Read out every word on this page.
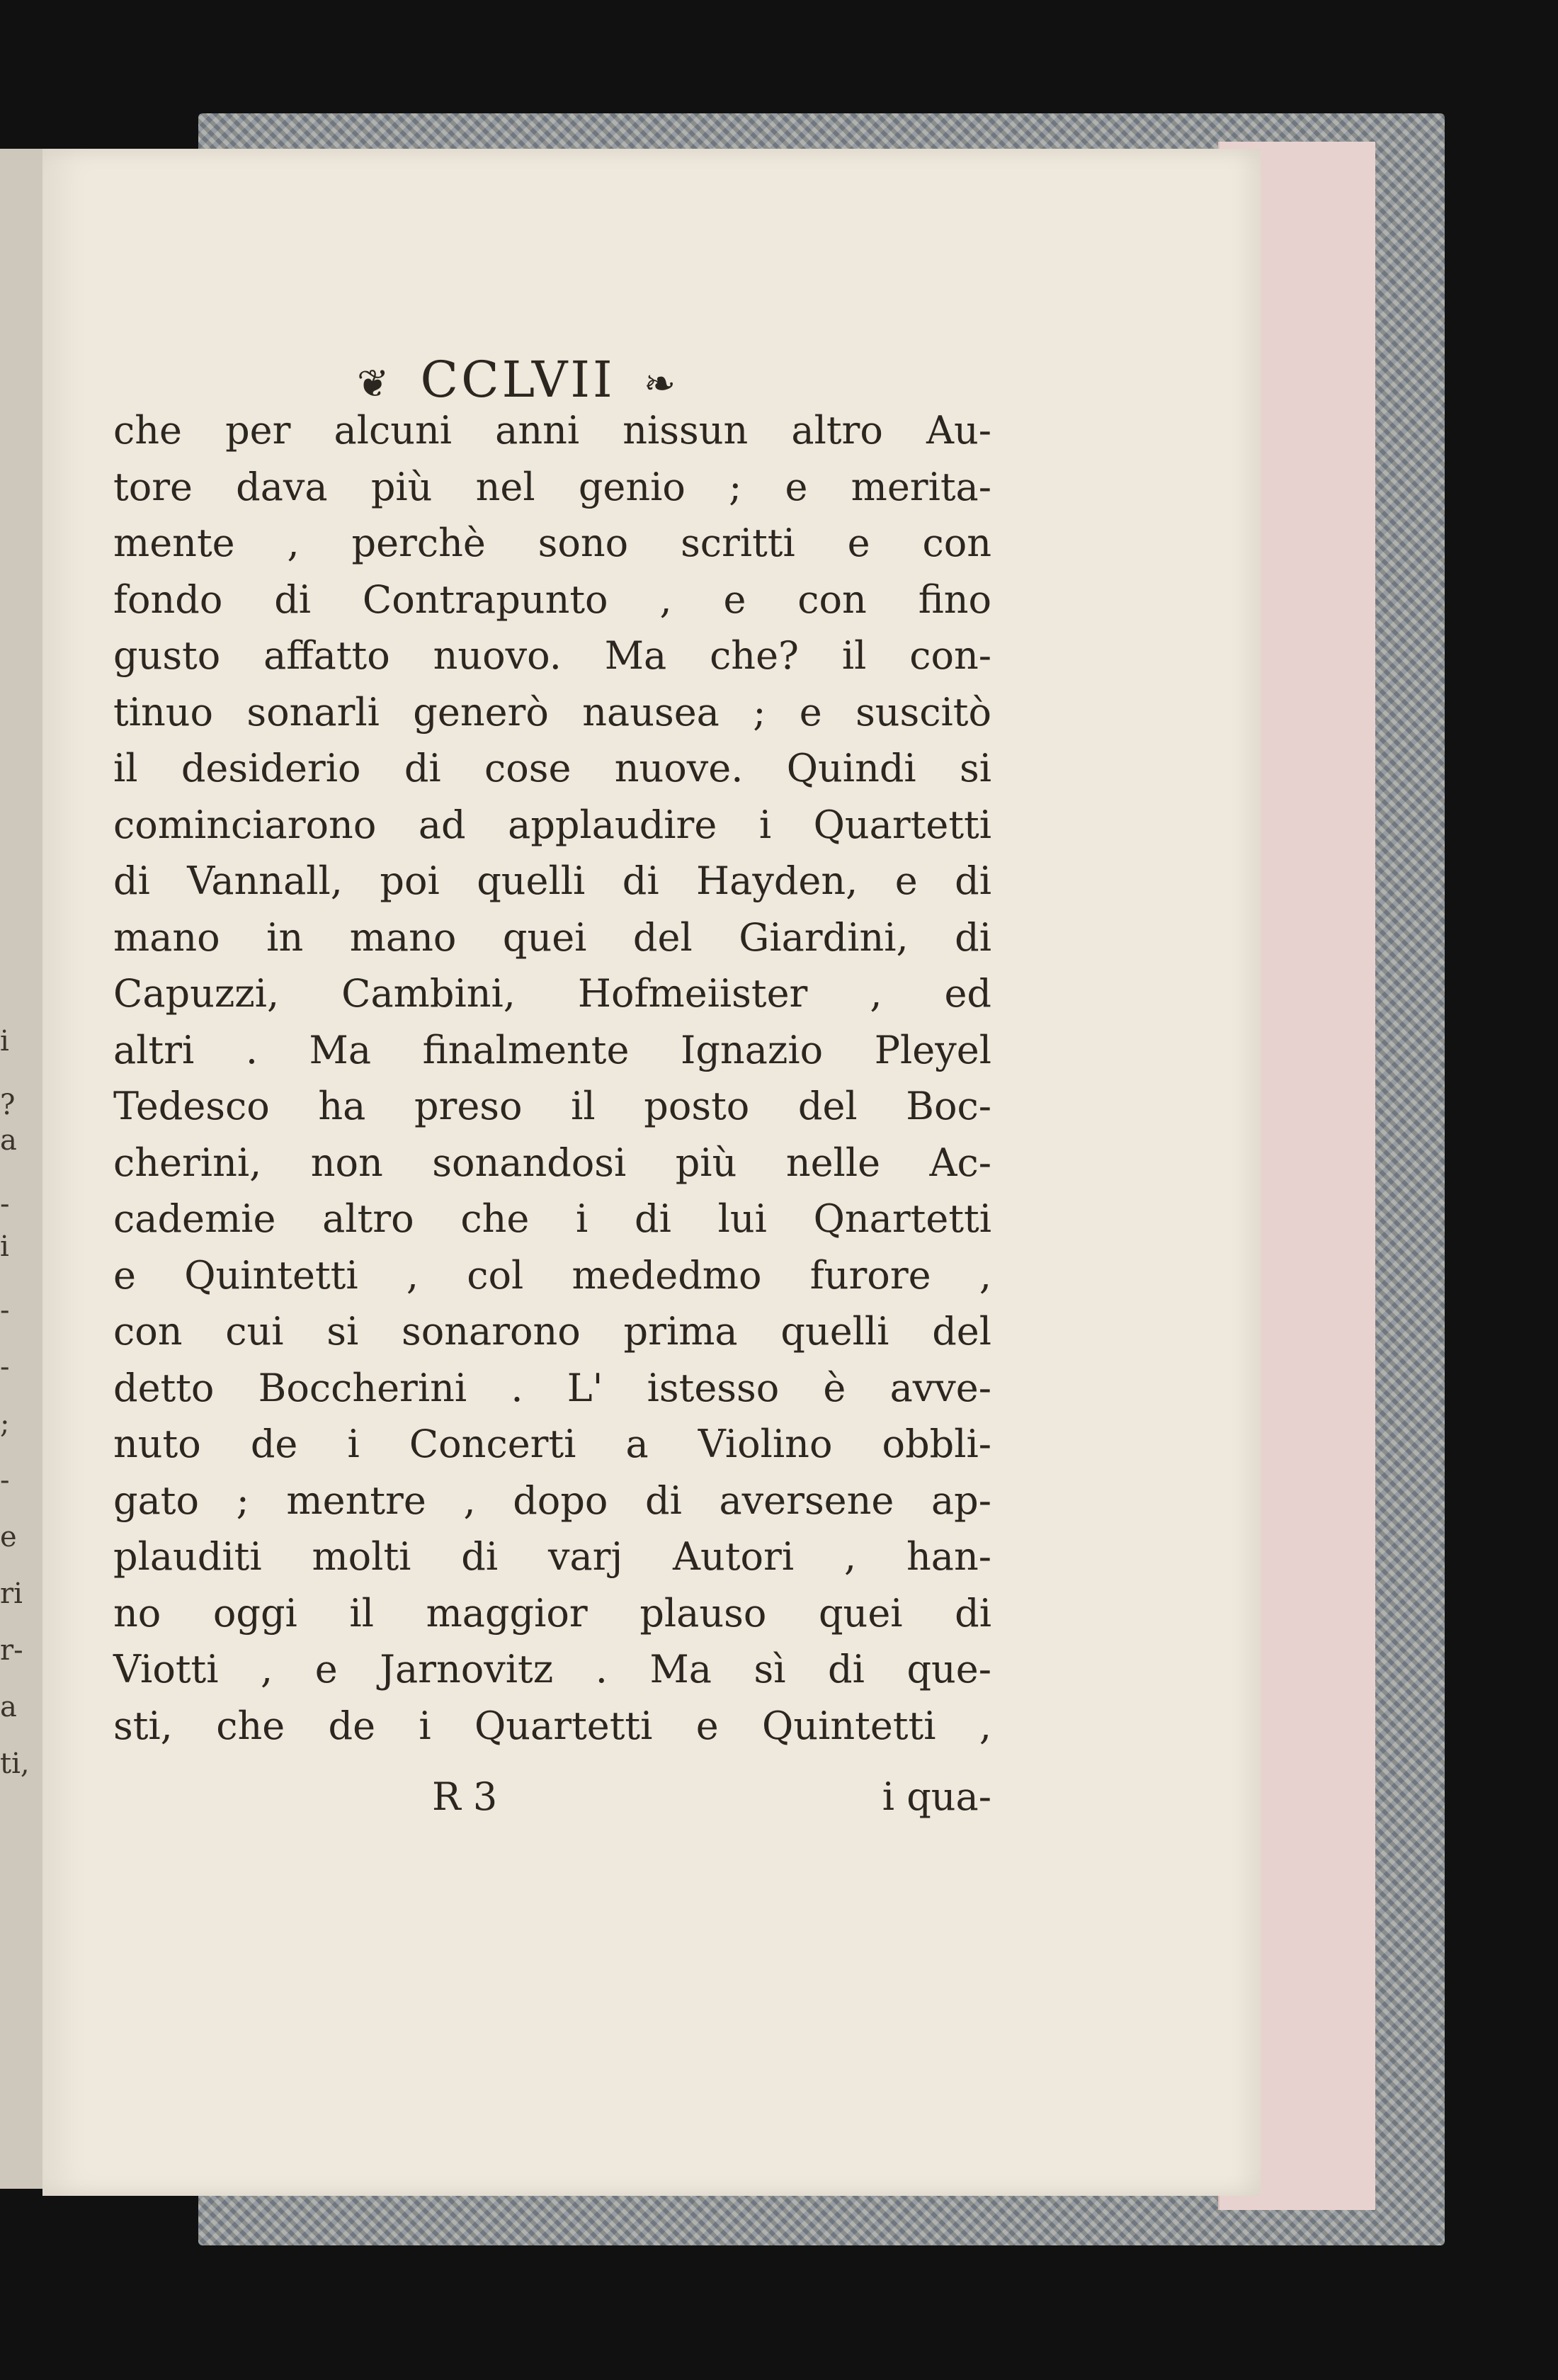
i
?
a
-
i
-
-
;
-
e
ri
r-
a
ti,
❦ CCLVII ❧
che per alcuni anni nissun altro Au-
tore dava più nel genio ; e merita-
mente , perchè sono scritti e con
fondo di Contrapunto , e con fino
gusto affatto nuovo. Ma che? il con-
tinuo sonarli generò nausea ; e suscitò
il desiderio di cose nuove. Quindi si
cominciarono ad applaudire i Quartetti
di Vannall, poi quelli di Hayden, e di
mano in mano quei del Giardini, di
Capuzzi, Cambini, Hofmeiister , ed
altri . Ma finalmente Ignazio Pleyel
Tedesco ha preso il posto del Boc-
cherini, non sonandosi più nelle Ac-
cademie altro che i di lui Qnartetti
e Quintetti , col mededmo furore ,
con cui si sonarono prima quelli del
detto Boccherini . L' istesso è avve-
nuto de i Concerti a Violino obbli-
gato ; mentre , dopo di aversene ap-
plauditi molti di varj Autori , han-
no oggi il maggior plauso quei di
Viotti , e Jarnovitz . Ma sì di que-
sti, che de i Quartetti e Quintetti ,
R 3	i qua-
